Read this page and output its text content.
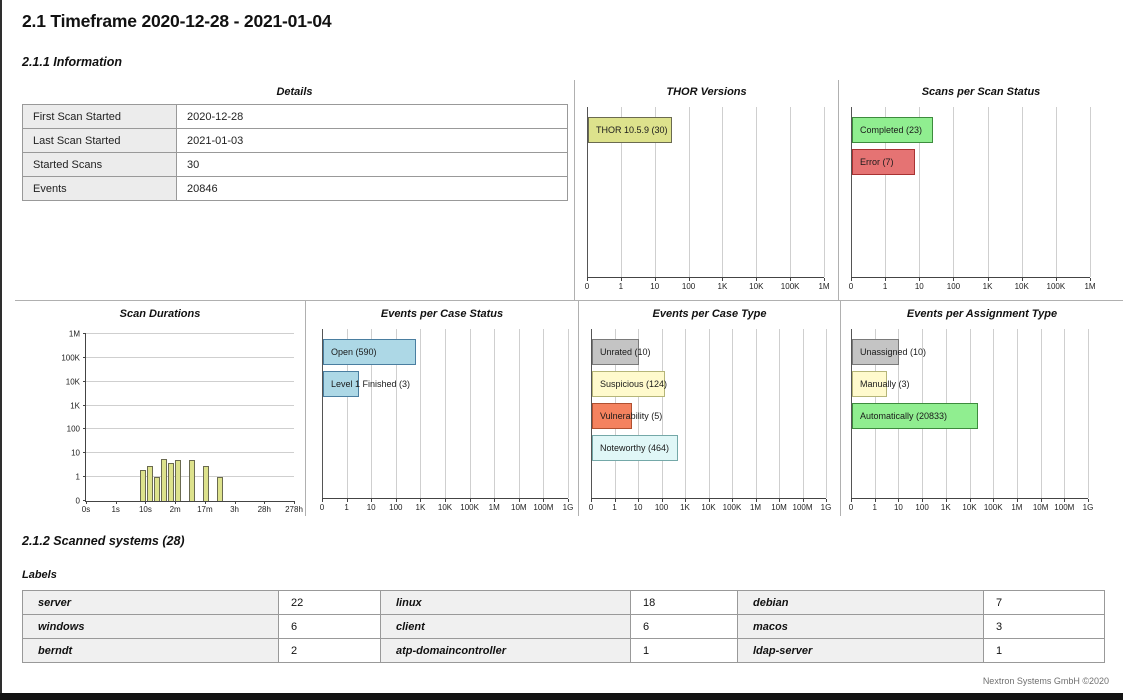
2.1 Timeframe 2020-12-28 - 2021-01-04
2.1.1 Information
Details
First Scan Started	2020-12-28
Last Scan Started	2021-01-03
Started Scans	30
Events	20846
THOR Versions
THOR 10.5.9 (30)
0	1	10	100	1K	10K 100K 1M
Scans per Scan Status
Completed (23)
Error (7)
0	1	10	100	1K	10K 100K 1M
Scan Durations
0
1
10
100
1K
10K
100K
1M
0s	1s 10s 2m 17m 3h 28h 278h
Events per Case Status
Open (590)
Level 1 Finished (3)
0	1 10 100 1K 10K 100K 1M 10M 100M 1G
Events per Case Type
Unrated (10)
Suspicious (124)
Vulnerability (5)
Noteworthy (464)
0 1 10 100 1K 10K 100K 1M 10M 100M 1G
Events per Assignment Type
Unassigned (10)
Manually (3)
Automatically (20833)
0 1 10 100 1K 10K 100K 1M 10M 100M 1G
2.1.2 Scanned systems (28)
Labels
server	22	linux	18	debian	7
windows	6	client	6	macos	3
berndt	2	atp-domaincontroller	1	ldap-server	1
Nextron Systems GmbH ©2020
